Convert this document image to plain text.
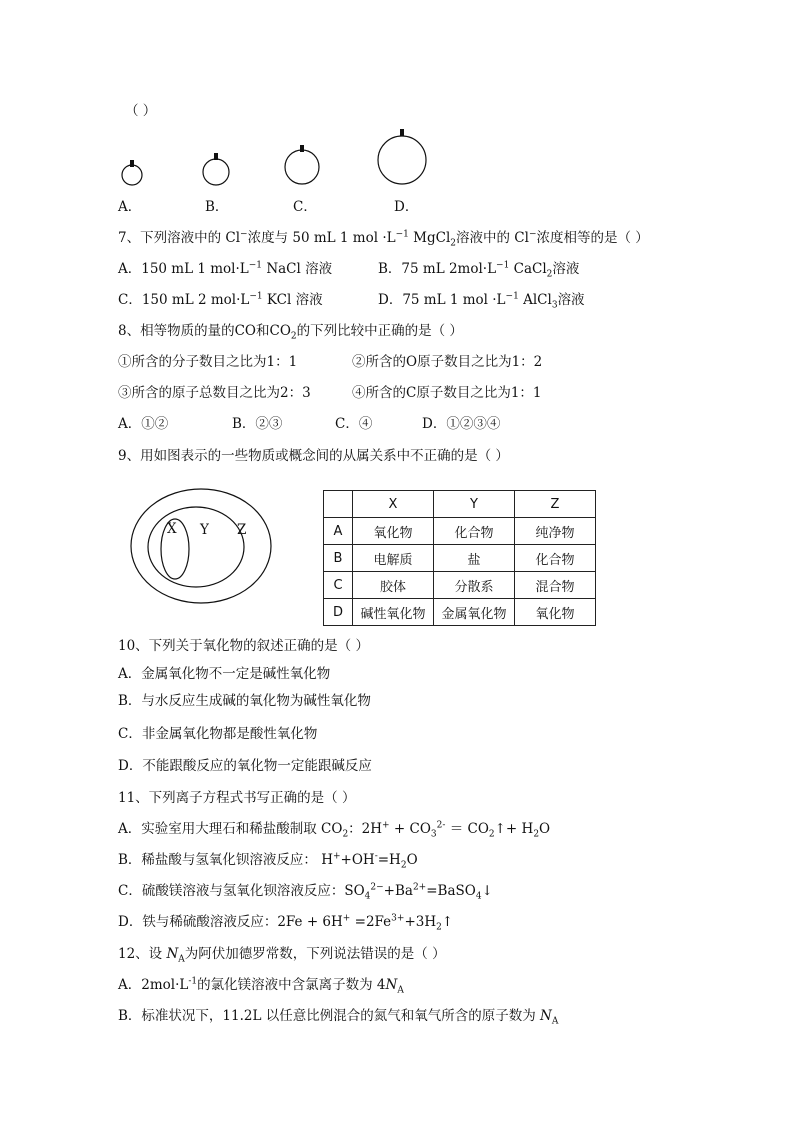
（ ）
A．	B．	C．	D．
7、下列溶液中的 Cl−浓度与 50 mL 1 mol $\cdot L^{-1}$ MgCl$_2$溶液中的 Cl−浓度相等的是（ ）
A．150 mL 1 $mol\cdot L^{-1}$ NaCl 溶液	B．75 mL $2mol\cdot L^{-1}$ CaCl$_2$溶液
C．150 mL 2 $mol\cdot L^{-1}$ KCl 溶液	D．75 mL 1 mol $\cdot L^{-1}$ AlCl$_3$溶液
8、相等物质的量的CO和$CO_2$的下列比较中正确的是（ ）
①所含的分子数目之比为1：1	②所含的O原子数目之比为1：2
③所含的原子总数目之比为2：3	④所含的C原子数目之比为1：1
A．①②	B．②③	C．④	D．①②③④
9、用如图表示的一些物质或概念间的从属关系中不正确的是（ ）
X Y Z
	X	Y	Z
A	氧化物	化合物	纯净物
B	电解质	盐	化合物
C	胶体	分散系	混合物
D	碱性氧化物	金属氧化物	氧化物
10、下列关于氧化物的叙述正确的是（ ）
A．金属氧化物不一定是碱性氧化物
B．与水反应生成碱的氧化物为碱性氧化物
C．非金属氧化物都是酸性氧化物
D．不能跟酸反应的氧化物一定能跟碱反应
11、下列离子方程式书写正确的是（ ）
A．实验室用大理石和稀盐酸制取 $CO_2$：$2H^+ + CO_3^{2-}$ ＝ $CO_2↑+ H_2O$
B．稀盐酸与氢氧化钡溶液反应： $H^++OH^-=H_2O$
C．硫酸镁溶液与氢氧化钡溶液反应：$SO_4^{2-}+Ba^{2+}=BaSO_4↓$
D．铁与稀硫酸溶液反应：$2Fe + 6H^+ =2Fe^{3+}+3H_2↑$
12、设 $N_A$为阿伏加德罗常数，下列说法错误的是（ ）
A．$2mol\cdot L^{-1}$的氯化镁溶液中含氯离子数为 $4N_A$
B．标准状况下，11.2L 以任意比例混合的氮气和氧气所含的原子数为 $N_A$
